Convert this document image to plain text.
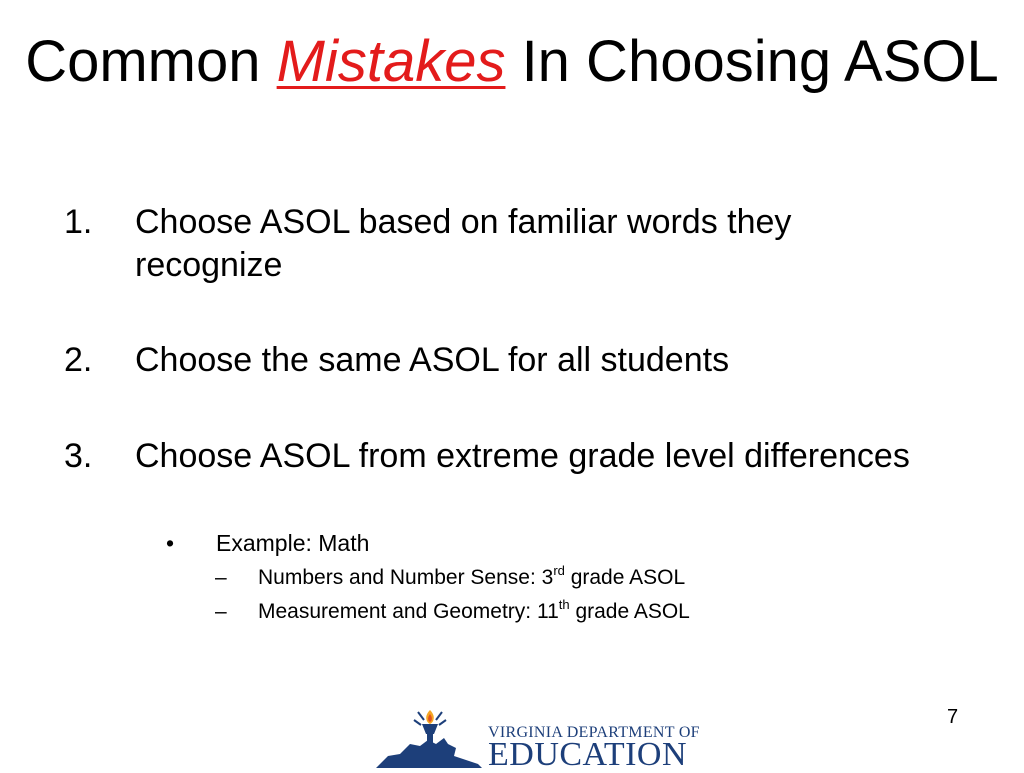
Common Mistakes In Choosing ASOL
1. Choose ASOL based on familiar words they recognize
2. Choose the same ASOL for all students
3. Choose ASOL from extreme grade level differences
• Example: Math
– Numbers and Number Sense: 3rd grade ASOL
– Measurement and Geometry: 11th grade ASOL
7
VIRGINIA DEPARTMENT OF
EDUCATION
